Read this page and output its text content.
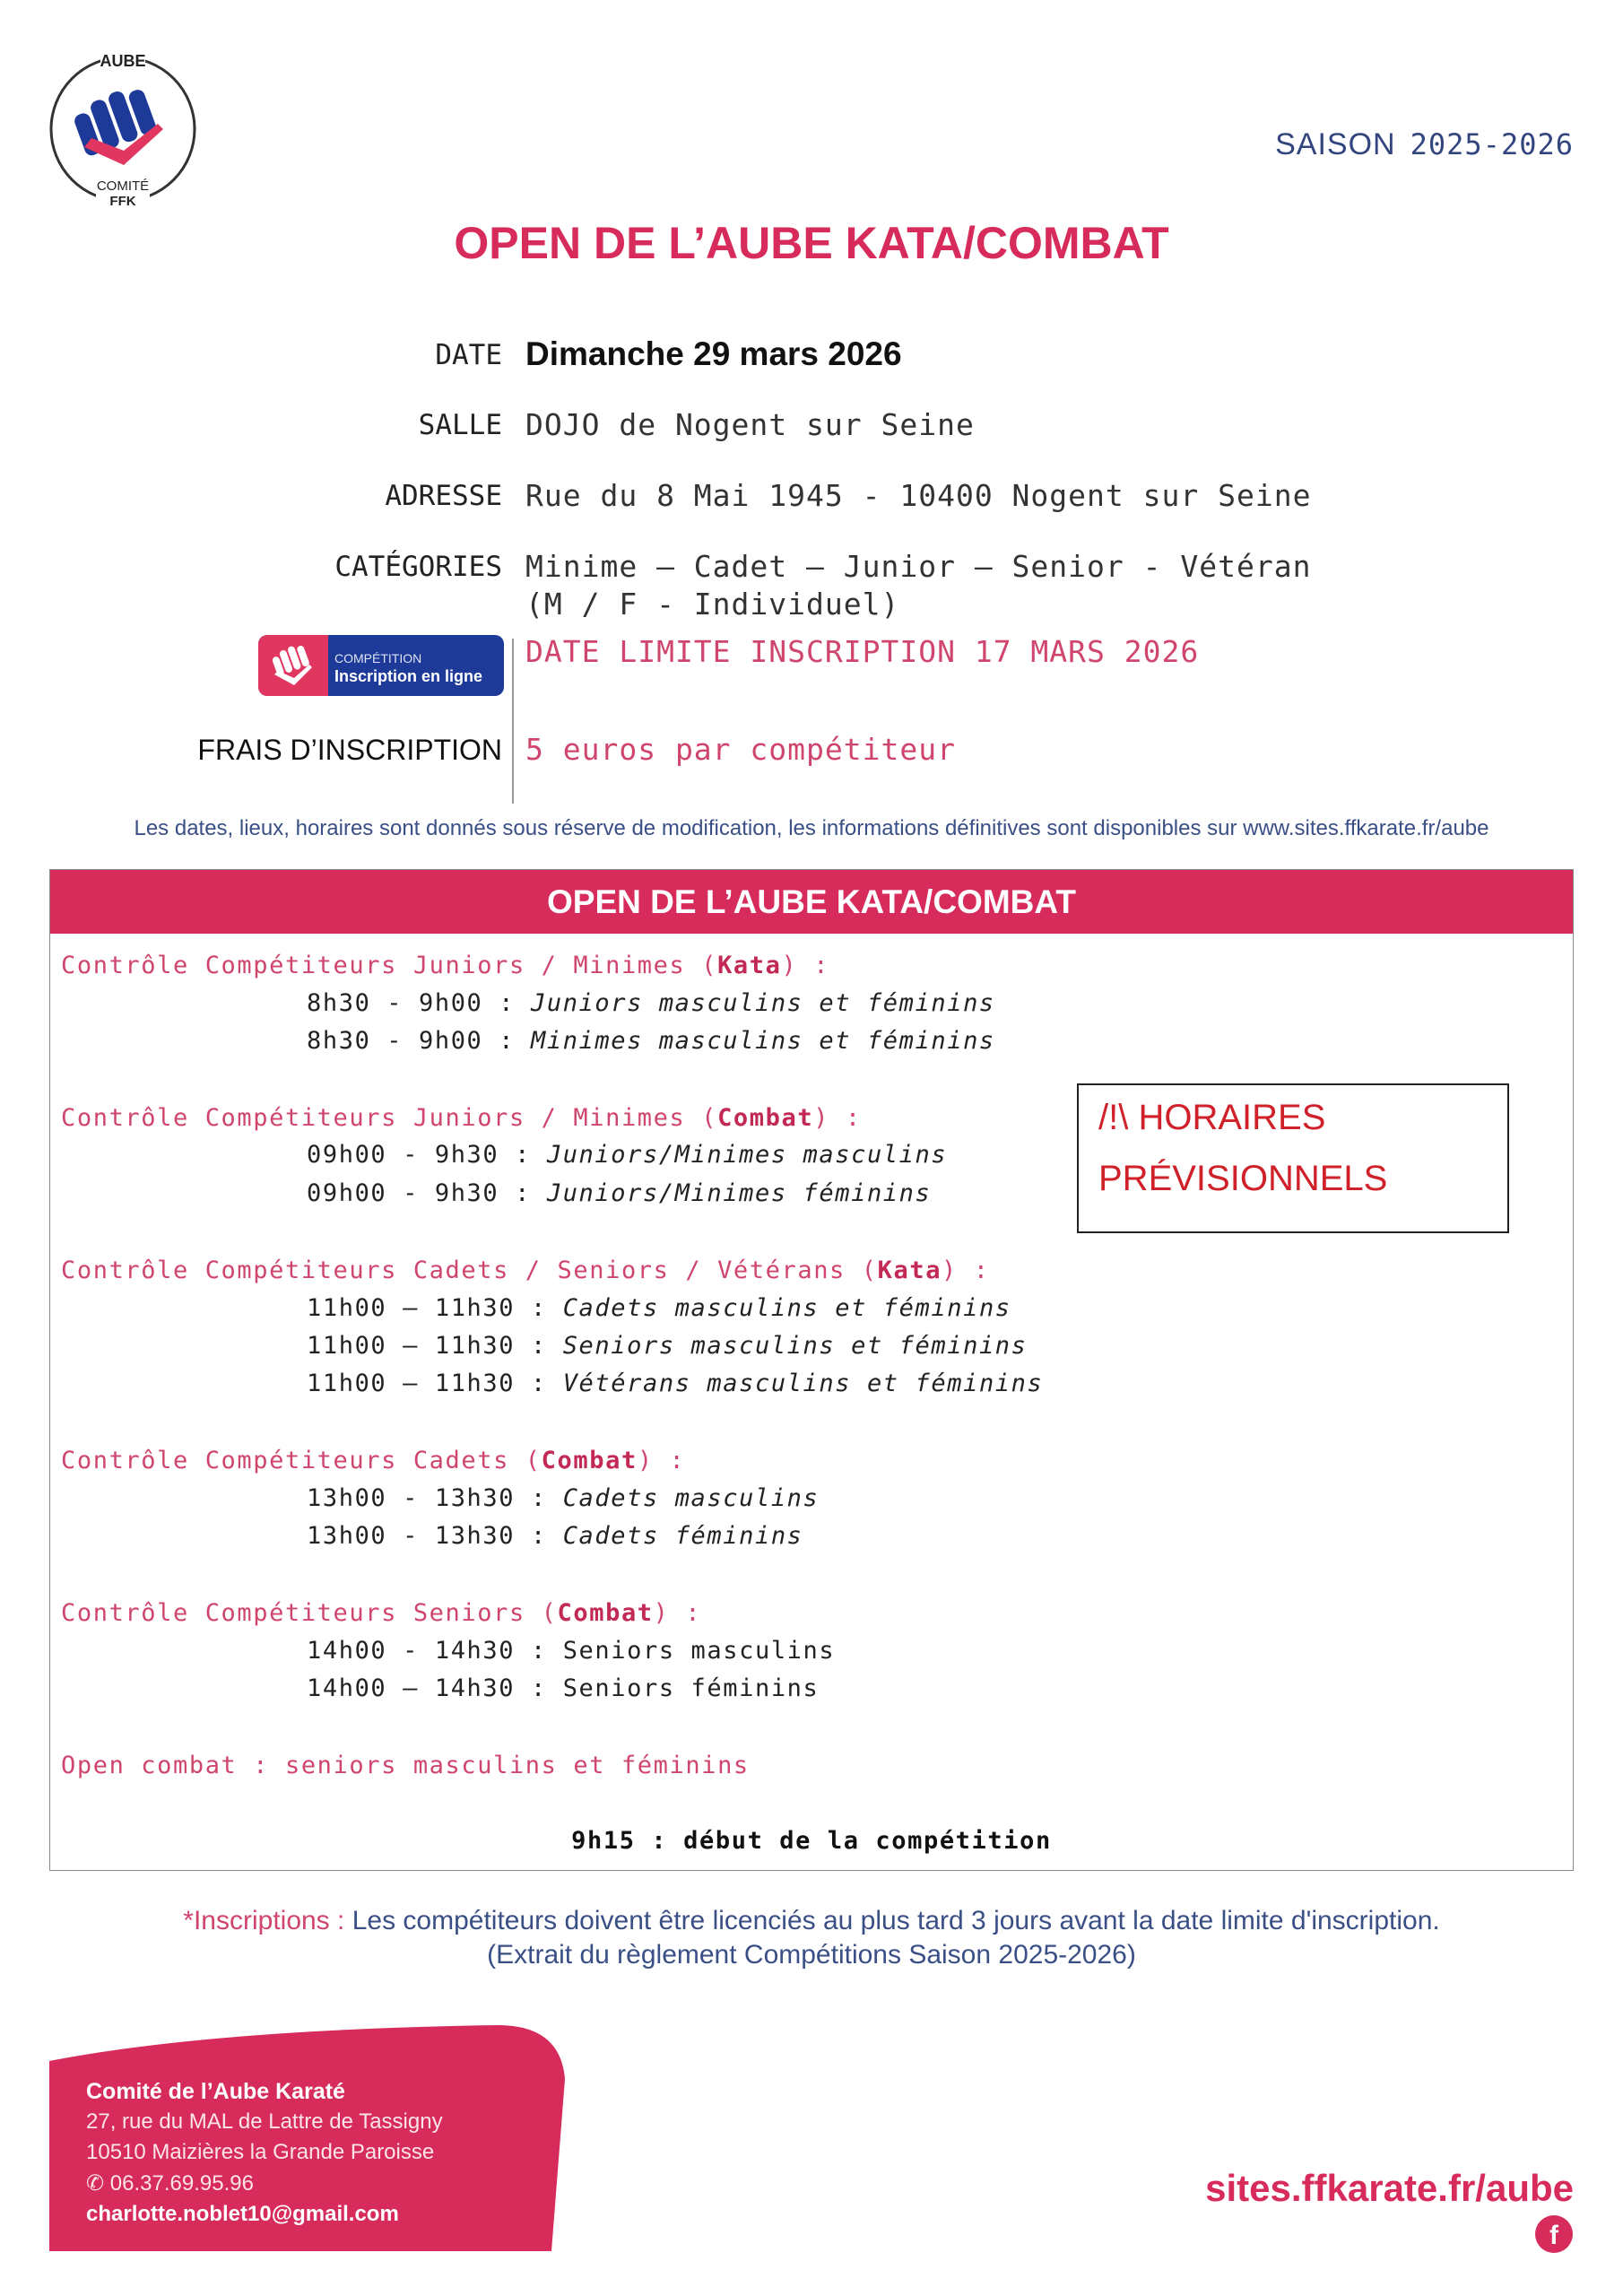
AUBE
COMITÉ
FFK
SAISON 2025-2026
OPEN DE L’AUBE KATA/COMBAT
DATE Dimanche 29 mars 2026
SALLE DOJO de Nogent sur Seine
ADRESSE Rue du 8 Mai 1945 - 10400 Nogent sur Seine
CATÉGORIES Minime – Cadet – Junior – Senior - Vétéran
(M / F - Individuel)
COMPÉTITION
Inscription en ligne
DATE LIMITE INSCRIPTION 17 MARS 2026
FRAIS D’INSCRIPTION 5 euros par compétiteur
Les dates, lieux, horaires sont donnés sous réserve de modification, les informations définitives sont disponibles sur www.sites.ffkarate.fr/aube
OPEN DE L’AUBE KATA/COMBAT
Contrôle Compétiteurs Juniors / Minimes (Kata) :
8h30 - 9h00 : Juniors masculins et féminins
8h30 - 9h00 : Minimes masculins et féminins
Contrôle Compétiteurs Juniors / Minimes (Combat) :
09h00 - 9h30 : Juniors/Minimes masculins
09h00 - 9h30 : Juniors/Minimes féminins
Contrôle Compétiteurs Cadets / Seniors / Vétérans (Kata) :
11h00 – 11h30 : Cadets masculins et féminins
11h00 – 11h30 : Seniors masculins et féminins
11h00 – 11h30 : Vétérans masculins et féminins
Contrôle Compétiteurs Cadets (Combat) :
13h00 - 13h30 : Cadets masculins
13h00 - 13h30 : Cadets féminins
Contrôle Compétiteurs Seniors (Combat) :
14h00 - 14h30 : Seniors masculins
14h00 – 14h30 : Seniors féminins
Open combat : seniors masculins et féminins
9h15 : début de la compétition
/!\ HORAIRES
PRÉVISIONNELS
*Inscriptions : Les compétiteurs doivent être licenciés au plus tard 3 jours avant la date limite d'inscription.
(Extrait du règlement Compétitions Saison 2025-2026)
Comité de l’Aube Karaté
27, rue du MAL de Lattre de Tassigny
10510 Maizières la Grande Paroisse
✆ 06.37.69.95.96
charlotte.noblet10@gmail.com
sites.ffkarate.fr/aube
f
